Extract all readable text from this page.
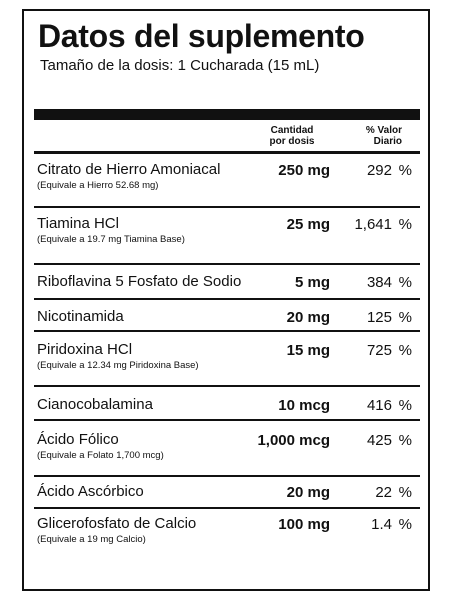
Datos del suplemento
Tamaño de la dosis: 1 Cucharada (15 mL)
Cantidad
por dosis
% Valor
Diario
Citrato de Hierro Amoniacal
(Equivale a Hierro 52.68 mg)
250 mg 292 %
Tiamina HCl
(Equivale a 19.7 mg Tiamina Base)
25 mg 1,641 %
Riboflavina 5 Fosfato de Sodio	5 mg 384 %
Nicotinamida	20 mg 125 %
Piridoxina HCl
(Equivale a 12.34 mg Piridoxina Base)
15 mg 725 %
Cianocobalamina	10 mcg 416 %
Ácido Fólico
(Equivale a Folato 1,700 mcg)
1,000 mcg 425 %
Ácido Ascórbico	20 mg	22 %
Glicerofosfato de Calcio
(Equivale a 19 mg Calcio)
100 mg	1.4 %
